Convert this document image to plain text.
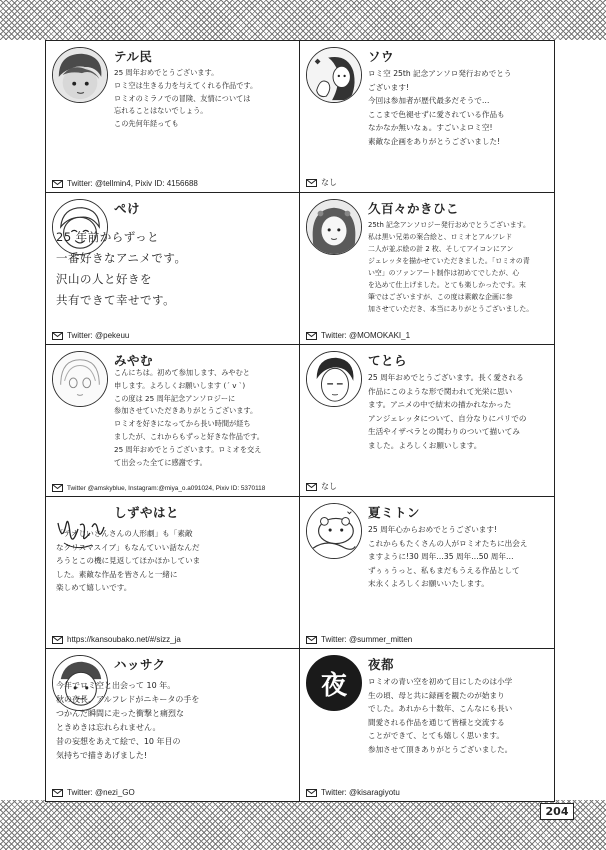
テル民
25 周年おめでとうございます。
ロミ空は生きる力を与えてくれる作品です。
ロミオのミラノでの冒険、友情については
忘れることはないでしょう。
この先何年経っても
Twitter: @tellmin4, Pixiv ID: 4156688
ソウ
ロミ空 25th 記念アンソロ発行おめでとう
ございます!
今回は参加者が歴代最多だそうで…
ここまで色褪せずに愛されている作品も
なかなか無いなぁ。すごいよロミ空!
素敵な企画をありがとうございました!
なし
ぺけ
25 年前からずっと
一番好きなアニメです。
沢山の人と好きを
共有できて幸せです。
Twitter: @pekeuu
久百々かきひこ
25th 記念アンソロジー発行おめでとうございます。
私は黒い兄弟の案合絵と、ロミオとアルフレド
二人が並ぶ絵の計 2 枚、そしてアイコンにアン
ジェレッタを描かせていただきました。「ロミオの青
い空」のファンアート制作は初めてでしたが、心
を込めて仕上げました。とても楽しかったです。末
筆ではございますが、この度は素敵な企画に参
加させていただき、本当にありがとうございました。
Twitter: @MOMOKAKI_1
みやむ
こんにちは。初めて参加します、みやむと
申します。よろしくお願いします (´ v `)
この度は 25 周年記念アンソロジーに
参加させていただきありがとうございます。
ロミオを好きになってから長い時間が経ち
ましたが、これからもずっと好きな作品です。
25 周年おめでとうございます。ロミオを交え
て出会った全てに感謝です。
Twitter @amskyblue, Instagram:@miya_o.a091024, Pixiv ID: 5370118
てとら
25 周年おめでとうございます。長く愛される
作品にこのような形で関われて光栄に思い
ます。アニメの中で結末の描かれなかった
アンジェレッタについて、自分なりにパリでの
生活やイザベラとの関わりのついて描いてみ
ました。よろしくお願いします。
なし
しずやはと
「テオじいさんさんの人形劇」も「素敵
なクリスマスイブ」もなんていい話なんだ
ろうとこの機に見返してほかほかしていま
した。素敵な作品を皆さんと一緒に
楽しめて嬉しいです。
https://kansoubako.net/#/sizz_ja
夏ミトン
25 周年心からおめでとうございます!
これからもたくさんの人がロミオたちに出会え
ますように!30 周年…35 周年…50 周年…
ずぅぅうっと、私もまだもうえる作品として
末永くよろしくお願いいたします。
Twitter: @summer_mitten
ハッサク
今年でロミ空と出会って 10 年。
秋の夜長、アルフレドがニキータの手を
つかんだ瞬間に走った衝撃と痛烈な
ときめきは忘れられません。
昔の妄想をあえて絵で、10 年目の
気持ちで描きあげました!
Twitter: @nezi_GO
夜
夜都
ロミオの青い空を初めて目にしたのは小学
生の頃、母と共に録画を観たのが始まり
でした。あれから十数年、こんなにも長い
間愛される作品を通じて皆様と交流する
ことができて、とても嬉しく思います。
参加させて頂きありがとうございました。
Twitter: @kisaragiyotu
204
